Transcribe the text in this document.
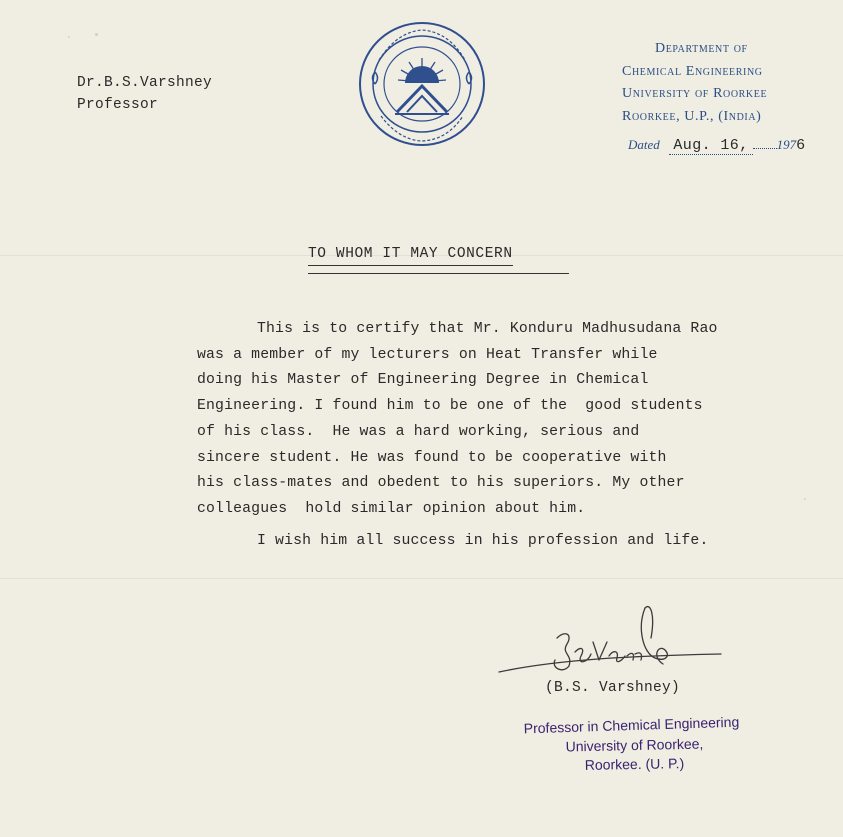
Dr.B.S.Varshney
Professor
Department of
Chemical Engineering
University of Roorkee
Roorkee, U.P., (India)
Dated Aug. 16, 1976
TO WHOM IT MAY CONCERN
This is to certify that Mr. Konduru Madhusudana Rao
was a member of my lecturers on Heat Transfer while
doing his Master of Engineering Degree in Chemical
Engineering. I found him to be one of the  good students
of his class.  He was a hard working, serious and
sincere student. He was found to be cooperative with
his class-mates and obedent to his superiors. My other
colleagues  hold similar opinion about him.
I wish him all success in his profession and life.
(B.S. Varshney)
Professor in Chemical Engineering
University of Roorkee,
Roorkee. (U. P.)
